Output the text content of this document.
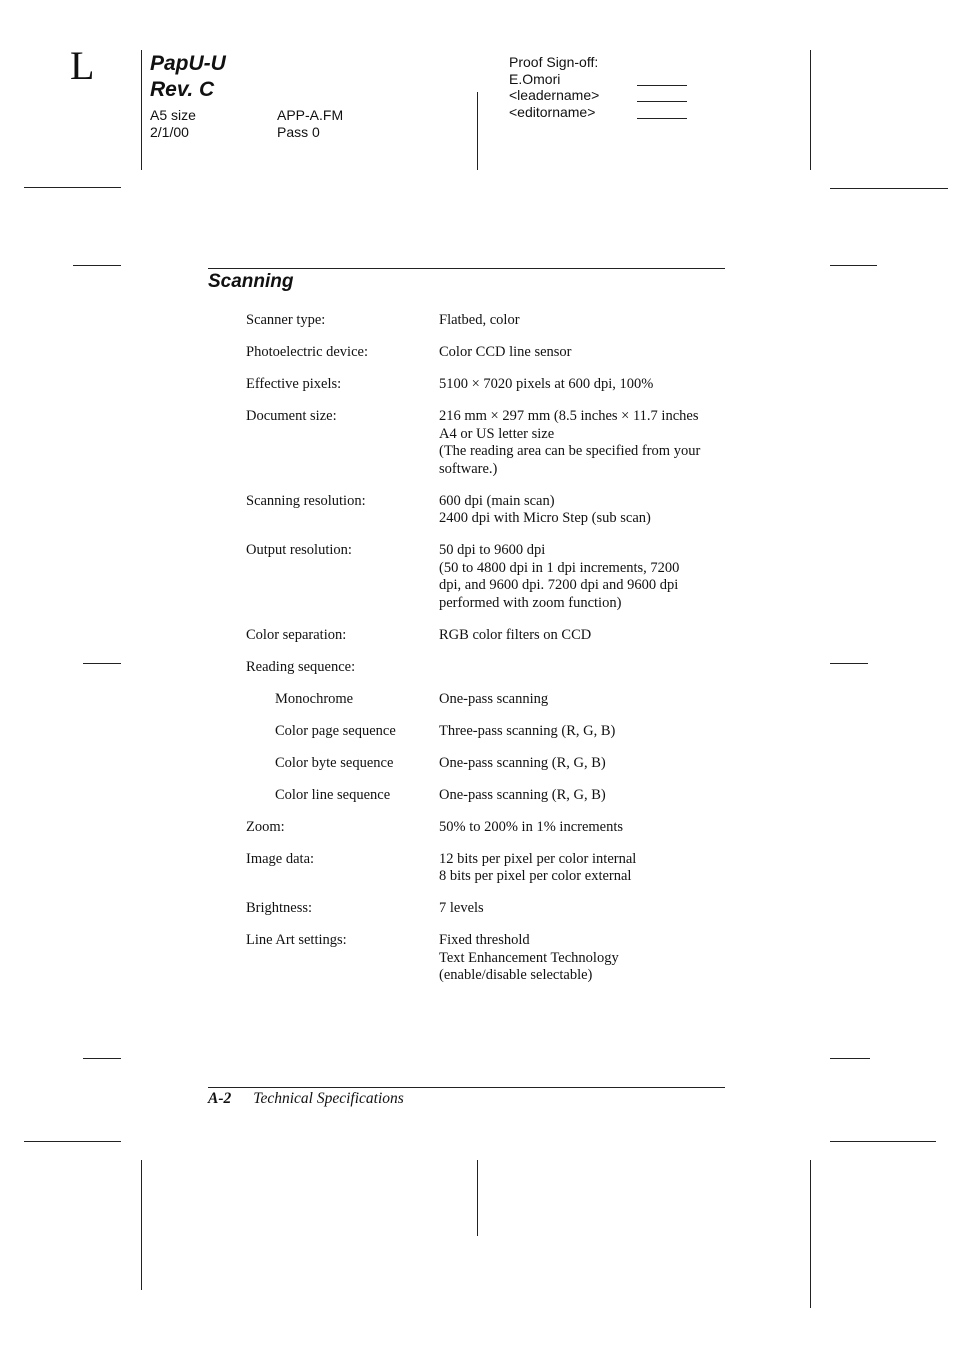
L	PapU-U
Rev. C
A5 size
2/1/00
APP-A.FM
Pass 0
Proof Sign-off:
E.Omori
<leadername>
<editorname>
Scanning
Scanner type:	Flatbed, color

Photoelectric device:	Color CCD line sensor

Effective pixels:	5100 × 7020 pixels at 600 dpi, 100%

Document size:	216 mm × 297 mm (8.5 inches × 11.7 inches
A4 or US letter size
(The reading area can be specified from your
software.)

Scanning resolution:	600 dpi (main scan)
2400 dpi with Micro Step (sub scan)

Output resolution:	50 dpi to 9600 dpi
(50 to 4800 dpi in 1 dpi increments, 7200
dpi, and 9600 dpi. 7200 dpi and 9600 dpi
performed with zoom function)

Color separation:	RGB color filters on CCD

Reading sequence:	

Monochrome	One-pass scanning

Color page sequence	Three-pass scanning (R, G, B)

Color byte sequence	One-pass scanning (R, G, B)

Color line sequence	One-pass scanning (R, G, B)

Zoom:	50% to 200% in 1% increments

Image data:	12 bits per pixel per color internal
8 bits per pixel per color external

Brightness:	7 levels

Line Art settings:	Fixed threshold
Text Enhancement Technology
(enable/disable selectable)
A-2 Technical Specifications
